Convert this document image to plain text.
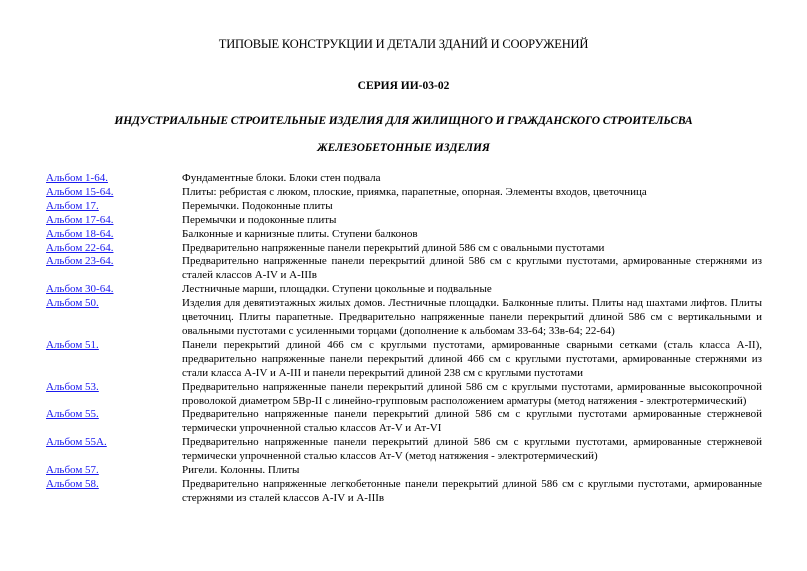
ТИПОВЫЕ КОНСТРУКЦИИ И ДЕТАЛИ ЗДАНИЙ И СООРУЖЕНИЙ
СЕРИЯ ИИ-03-02
ИНДУСТРИАЛЬНЫЕ СТРОИТЕЛЬНЫЕ ИЗДЕЛИЯ ДЛЯ ЖИЛИЩНОГО И ГРАЖДАНСКОГО СТРОИТЕЛЬСВА
ЖЕЛЕЗОБЕТОННЫЕ ИЗДЕЛИЯ
Альбом 1-64.	Фундаментные блоки. Блоки стен подвала
Альбом 15-64.	Плиты: ребристая с люком, плоские, приямка, парапетные, опорная. Элементы входов, цветочница
Альбом 17.	Перемычки. Подоконные плиты
Альбом 17-64.	Перемычки и подоконные плиты
Альбом 18-64.	Балконные и карнизные плиты. Ступени балконов
Альбом 22-64.	Предварительно напряженные панели перекрытий длиной 586 см с овальными пустотами
Альбом 23-64.	Предварительно напряженные панели перекрытий длиной 586 см с круглыми пустотами, армированные стержнями из сталей классов А-IV и А-IIIв
Альбом 30-64.	Лестничные марши, площадки. Ступени цокольные и подвальные
Альбом 50.	Изделия для девятиэтажных жилых домов. Лестничные площадки. Балконные плиты. Плиты над шахтами лифтов. Плиты цветочниц. Плиты парапетные. Предварительно напряженные панели перекрытий длиной 586 см с вертикальными и овальными пустотами с усиленными торцами (дополнение к альбомам 33-64; 33в-64; 22-64)
Альбом 51.	Панели перекрытий длиной 466 см с круглыми пустотами, армированные сварными сетками (сталь класса А-II), предварительно напряженные панели перекрытий длиной 466 см с круглыми пустотами, армированные стержнями из стали класса А-IV и А-III и панели перекрытий длиной 238 см с круглыми пустотами
Альбом 53.	Предварительно напряженные панели перекрытий длиной 586 см с круглыми пустотами, армированные высокопрочной проволокой диаметром 5Вр-II с линейно-групповым расположением арматуры (метод натяжения - электротермический)
Альбом 55.	Предварительно напряженные панели перекрытий длиной 586 см с круглыми пустотами армированные стержневой термически упрочненной сталью классов Ат-V и Ат-VI
Альбом 55А.	Предварительно напряженные панели перекрытий длиной 586 см с круглыми пустотами, армированные стержневой термически упрочненной сталью классов Ат-V (метод натяжения - электротермический)
Альбом 57.	Ригели. Колонны. Плиты
Альбом 58.	Предварительно напряженные легкобетонные панели перекрытий длиной 586 см с круглыми пустотами, армированные стержнями из сталей классов А-IV и А-IIIв
